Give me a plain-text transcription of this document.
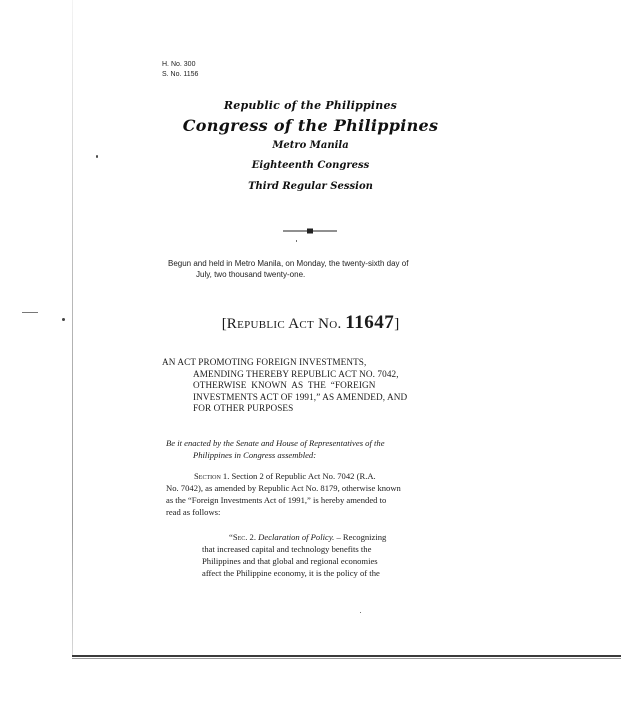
H. No. 300
S. No. 1156
Republic of the Philippines
Congress of the Philippines
Metro Manila
Eighteenth Congress
Third Regular Session
Begun and held in Metro Manila, on Monday, the twenty-sixth day of
July, two thousand twenty-one.
[Republic Act No. 11647]
AN ACT PROMOTING FOREIGN INVESTMENTS,
AMENDING THEREBY REPUBLIC ACT NO. 7042,
OTHERWISE  KNOWN  AS  THE  “FOREIGN
INVESTMENTS ACT OF 1991,” AS AMENDED, AND
FOR OTHER PURPOSES
Be it enacted by the Senate and House of Representatives of the
Philippines in Congress assembled:
Section 1. Section 2 of Republic Act No. 7042 (R.A.
No. 7042), as amended by Republic Act No. 8179, otherwise known
as the “Foreign Investments Act of 1991,” is hereby amended to
read as follows:
“Sec. 2. Declaration of Policy. – Recognizing
that increased capital and technology benefits the
Philippines and that global and regional economies
affect the Philippine economy, it is the policy of the
